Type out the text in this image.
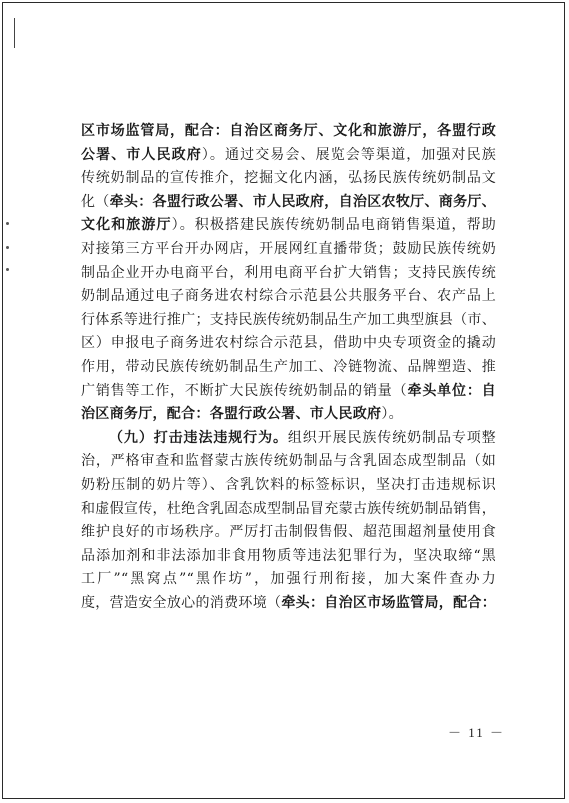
区市场监管局，配合：自治区商务厅、文化和旅游厅，各盟行政
公署、市人民政府）。通过交易会、展览会等渠道，加强对民族
传统奶制品的宣传推介，挖掘文化内涵，弘扬民族传统奶制品文
化（牵头：各盟行政公署、市人民政府，自治区农牧厅、商务厅、
文化和旅游厅）。积极搭建民族传统奶制品电商销售渠道，帮助
对接第三方平台开办网店，开展网红直播带货；鼓励民族传统奶
制品企业开办电商平台，利用电商平台扩大销售；支持民族传统
奶制品通过电子商务进农村综合示范县公共服务平台、农产品上
行体系等进行推广；支持民族传统奶制品生产加工典型旗县（市、
区）申报电子商务进农村综合示范县，借助中央专项资金的撬动
作用，带动民族传统奶制品生产加工、冷链物流、品牌塑造、推
广销售等工作，不断扩大民族传统奶制品的销量（牵头单位：自
治区商务厅，配合：各盟行政公署、市人民政府）。
（九）打击违法违规行为。组织开展民族传统奶制品专项整
治，严格审查和监督蒙古族传统奶制品与含乳固态成型制品（如
奶粉压制的奶片等）、含乳饮料的标签标识，坚决打击违规标识
和虚假宣传，杜绝含乳固态成型制品冒充蒙古族传统奶制品销售，
维护良好的市场秩序。严厉打击制假售假、超范围超剂量使用食
品添加剂和非法添加非食用物质等违法犯罪行为，坚决取缔“黑
工厂”“黑窝点”“黑作坊”，加强行刑衔接，加大案件查办力
度，营造安全放心的消费环境（牵头：自治区市场监管局，配合：
－ 11 －
